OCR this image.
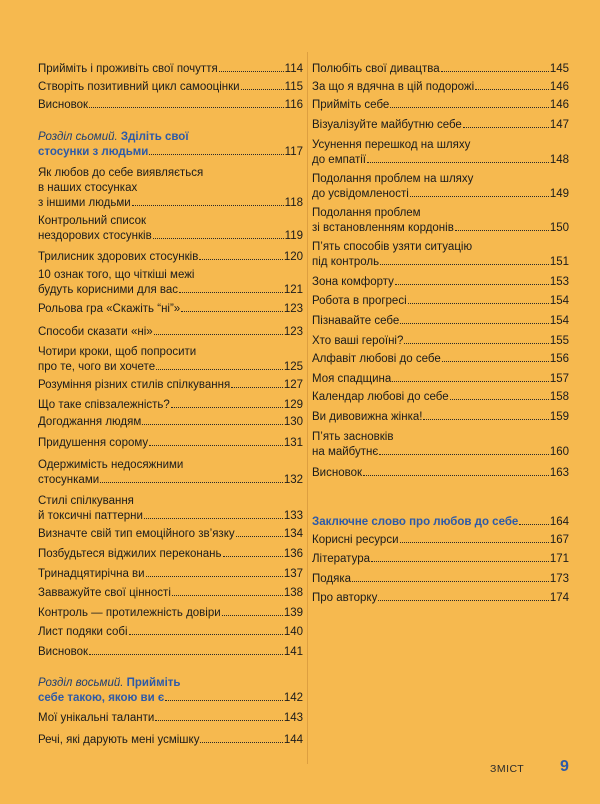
Прийміть і проживіть свої почуття	114
Створіть позитивний цикл самооцінки	115
Висновок	116
Розділ сьомий.
Зділіть свої
стосунки з людьми	117
Як любов до себе виявляється
в наших стосунках
з іншими людьми	118
Контрольний список
нездорових стосунків	119
Трилисник здорових стосунків	120
10 ознак того, що чіткіші межі
будуть корисними для вас	121
Рольова гра «Скажіть “ні”»	123
Способи сказати «ні»	123
Чотири кроки, щоб попросити
про те, чого ви хочете	125
Розуміння різних стилів спілкування	127
Що таке співзалежність?	129
Догоджання людям	130
Придушення сорому	131
Одержимість недосяжними
стосунками	132
Стилі спілкування
й токсичні паттерни	133
Визначте свій тип емоційного зв’язку	134
Позбудьтеся віджилих переконань	136
Тринадцятирічна ви	137
Завважуйте свої цінності	138
Контроль — протилежність довіри	139
Лист подяки собі	140
Висновок	141
Розділ восьмий.
Прийміть
себе такою, якою ви є	142
Мої унікальні таланти	143
Речі, які дарують мені усмішку	144
Полюбіть свої дивацтва	145
За що я вдячна в цій подорожі	146
Прийміть себе	146
Візуалізуйте майбутню себе	147
Усунення перешкод на шляху
до емпатії	148
Подолання проблем на шляху
до усвідомленості	149
Подолання проблем
зі встановленням кордонів	150
П’ять способів узяти ситуацію
під контроль	151
Зона комфорту	153
Робота в прогресі	154
Пізнавайте себе	154
Хто ваші героїні?	155
Алфавіт любові до себе	156
Моя спадщина	157
Календар любові до себе	158
Ви дивовижна жінка!	159
П’ять засновків
на майбутнє	160
Висновок	163
Заключне слово про любов до себе	164
Корисні ресурси	167
Література	171
Подяка	173
Про авторку	174
ЗМІСТ 9
